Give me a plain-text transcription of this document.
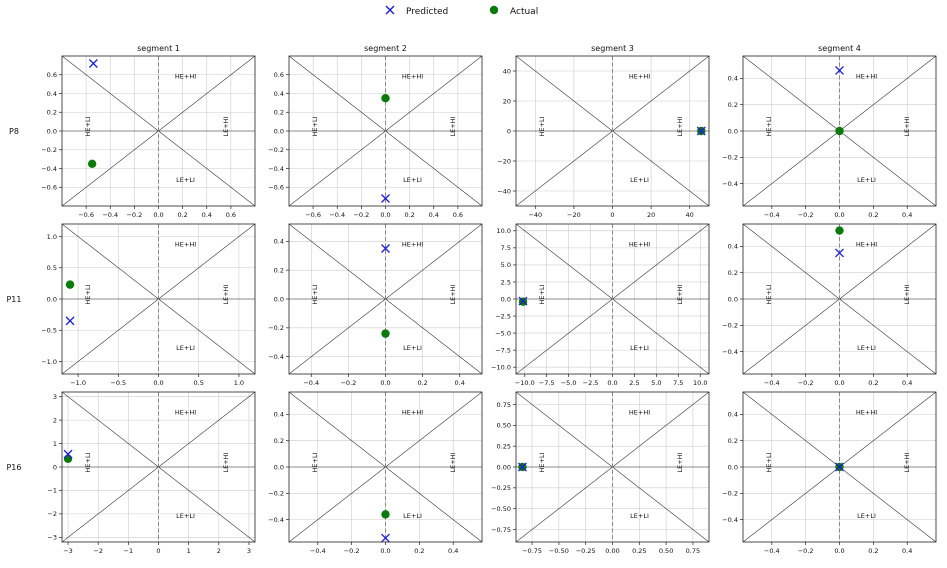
Predicted	Actual
segment 1	segment 2	segment 3	segment 4
P8
P11
P16
HE+HI
LE+LI
HE+LI	LE+HI
−0.6 −0.4 −0.2 0.0 0.2 0.4 0.6
−0.6
−0.4
−0.2
0.0
0.2
0.4
0.6	HE+HI
LE+LI
HE+LI	LE+HI
−0.6 −0.4 −0.2 0.0 0.2 0.4 0.6
−0.6
−0.4
−0.2
0.0
0.2
0.4
0.6	HE+HI
LE+LI
HE+LI	LE+HI
−40	−20	0	20	40
−40
−20
0
20
40
HE+HI
LE+LI
HE+LI	LE+HI
−0.4	−0.2	0.0	0.2	0.4
−0.4
−0.2
0.0
0.2
0.4
HE+HI
LE+LI
HE+LI	LE+HI
−1.0	−0.5	0.0	0.5	1.0
−1.0
−0.5
0.0
0.5
1.0
HE+HI
LE+LI
HE+LI	LE+HI
−0.4	−0.2	0.0	0.2	0.4
−0.4
−0.2
0.0
0.2
0.4	HE+HI
LE+LI
HE+LI	LE+HI
−10.0 −7.5 −5.0 −2.5 0.0 2.5 5.0 7.5 10.0
−10.0
−7.5
−5.0
−2.5
0.0
2.5
5.0
7.5
10.0
HE+HI
LE+LI
HE+LI	LE+HI
−0.4	−0.2	0.0	0.2	0.4
−0.4
−0.2
0.0
0.2
0.4
HE+HI
LE+LI
HE+LI	LE+HI
−3	−2	−1	0	1	2	3
−3
−2
−1
0
1
2
3
HE+HI
LE+LI
HE+LI	LE+HI
−0.4	−0.2	0.0	0.2	0.4
−0.4
−0.2
0.0
0.2
0.4	HE+HI
LE+LI
HE+LI	LE+HI
−0.75 −0.50 −0.25 0.00 0.25 0.50 0.75
−0.75
−0.50
−0.25
0.00
0.25
0.50
0.75
HE+HI
LE+LI
HE+LI	LE+HI
−0.4	−0.2	0.0	0.2	0.4
−0.4
−0.2
0.0
0.2
0.4
